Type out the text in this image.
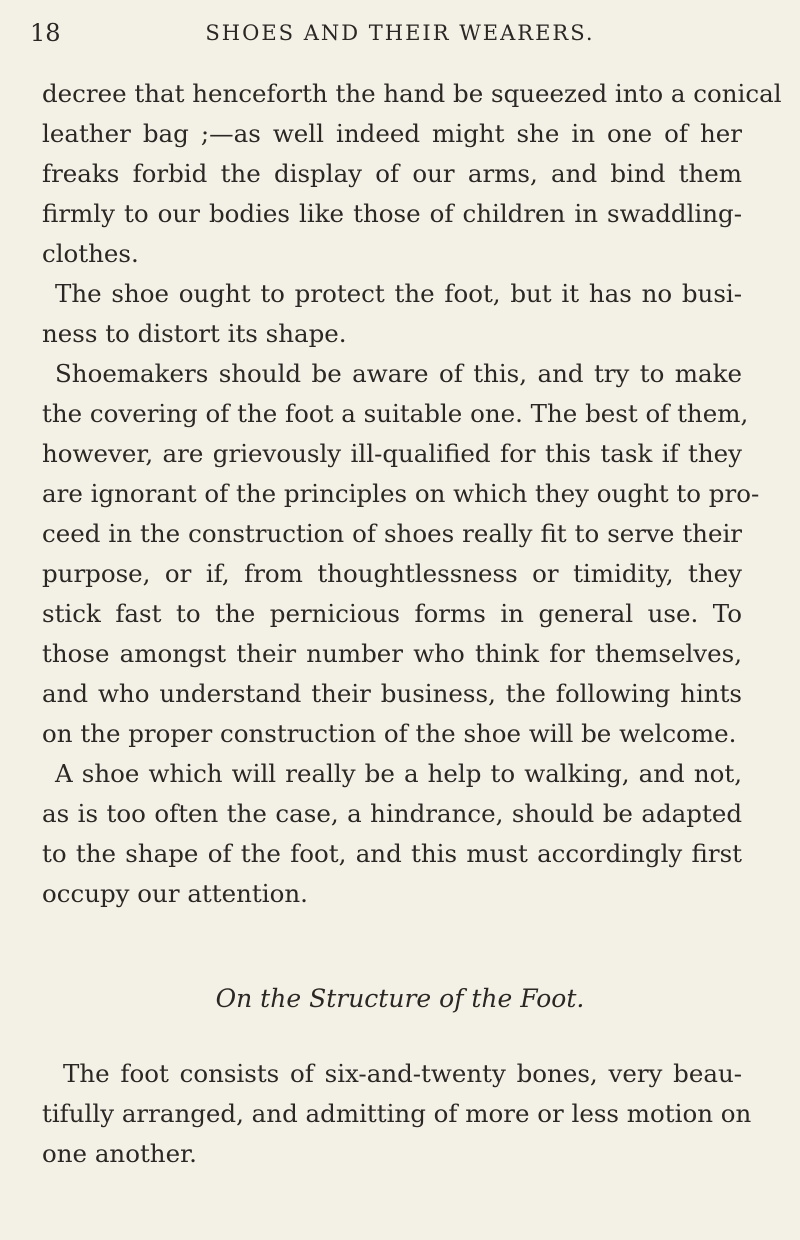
18	SHOES AND THEIR WEARERS.
decree that henceforth the hand be squeezed into a conical
leather bag ;—as well indeed might she in one of her
freaks forbid the display of our arms, and bind them
firmly to our bodies like those of children in swaddling-
clothes.
The shoe ought to protect the foot, but it has no busi-
ness to distort its shape.
Shoemakers should be aware of this, and try to make
the covering of the foot a suitable one. The best of them,
however, are grievously ill-qualified for this task if they
are ignorant of the principles on which they ought to pro-
ceed in the construction of shoes really fit to serve their
purpose, or if, from thoughtlessness or timidity, they
stick fast to the pernicious forms in general use. To
those amongst their number who think for themselves,
and who understand their business, the following hints
on the proper construction of the shoe will be welcome.
A shoe which will really be a help to walking, and not,
as is too often the case, a hindrance, should be adapted
to the shape of the foot, and this must accordingly first
occupy our attention.
On the Structure of the Foot.
The foot consists of six-and-twenty bones, very beau-
tifully arranged, and admitting of more or less motion on
one another.
